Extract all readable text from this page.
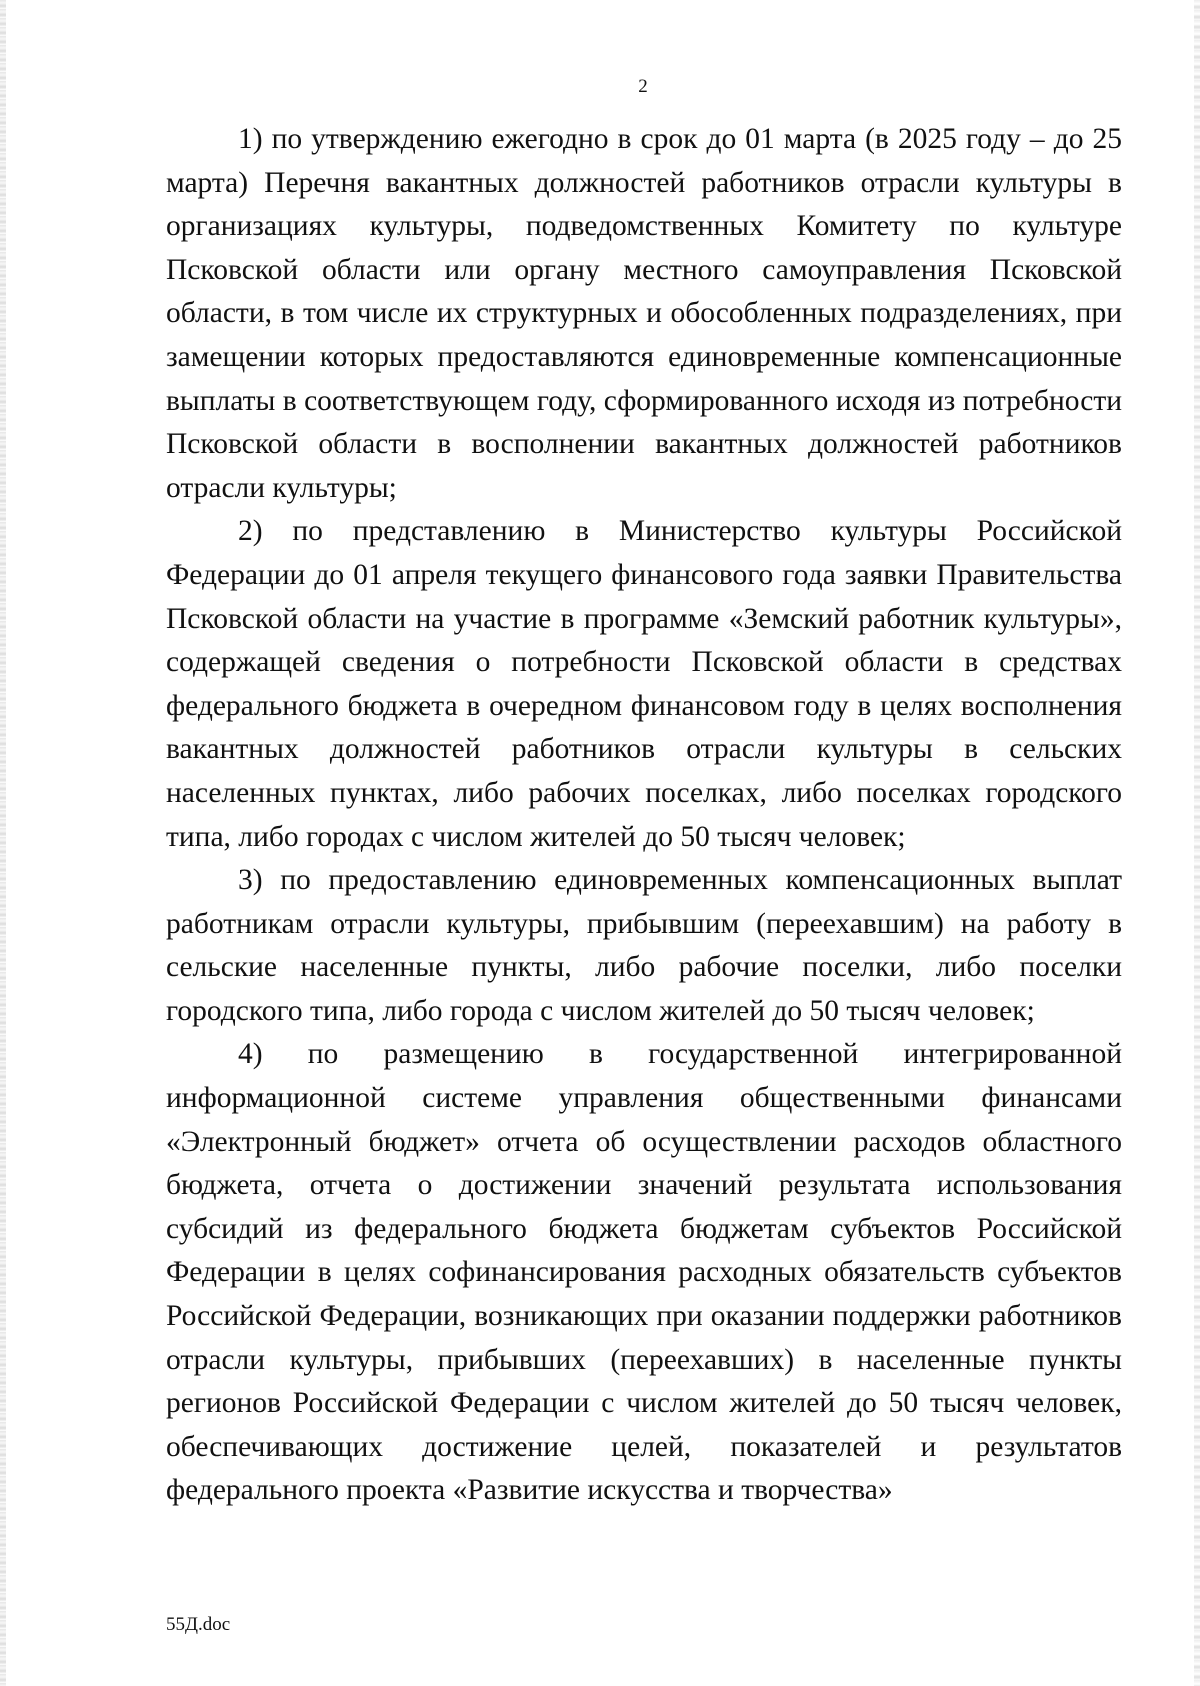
2

1) по утверждению ежегодно в срок до 01 марта (в 2025 году – до 25 марта) Перечня вакантных должностей работников отрасли культуры в организациях культуры, подведомственных Комитету по культуре Псковской области или органу местного самоуправления Псковской области, в том числе их структурных и обособленных подразделениях, при замещении которых предоставляются единовременные компенсационные выплаты в соответствующем году, сформированного исходя из потребности Псковской области в восполнении вакантных должностей работников отрасли культуры;

2) по представлению в Министерство культуры Российской Федерации до 01 апреля текущего финансового года заявки Правительства Псковской области на участие в программе «Земский работник культуры», содержащей сведения о потребности Псковской области в средствах федерального бюджета в очередном финансовом году в целях восполнения вакантных должностей работников отрасли культуры в сельских населенных пунктах, либо рабочих поселках, либо поселках городского типа, либо городах с числом жителей до 50 тысяч человек;

3) по предоставлению единовременных компенсационных выплат работникам отрасли культуры, прибывшим (переехавшим) на работу в сельские населенные пункты, либо рабочие поселки, либо поселки городского типа, либо города с числом жителей до 50 тысяч человек;

4) по размещению в государственной интегрированной информационной системе управления общественными финансами «Электронный бюджет» отчета об осуществлении расходов областного бюджета, отчета о достижении значений результата использования субсидий из федерального бюджета бюджетам субъектов Российской Федерации в целях софинансирования расходных обязательств субъектов Российской Федерации, возникающих при оказании поддержки работников отрасли культуры, прибывших (переехавших) в населенные пункты регионов Российской Федерации с числом жителей до 50 тысяч человек, обеспечивающих достижение целей, показателей и результатов федерального проекта «Развитие искусства и творчества»

55Д.doc
